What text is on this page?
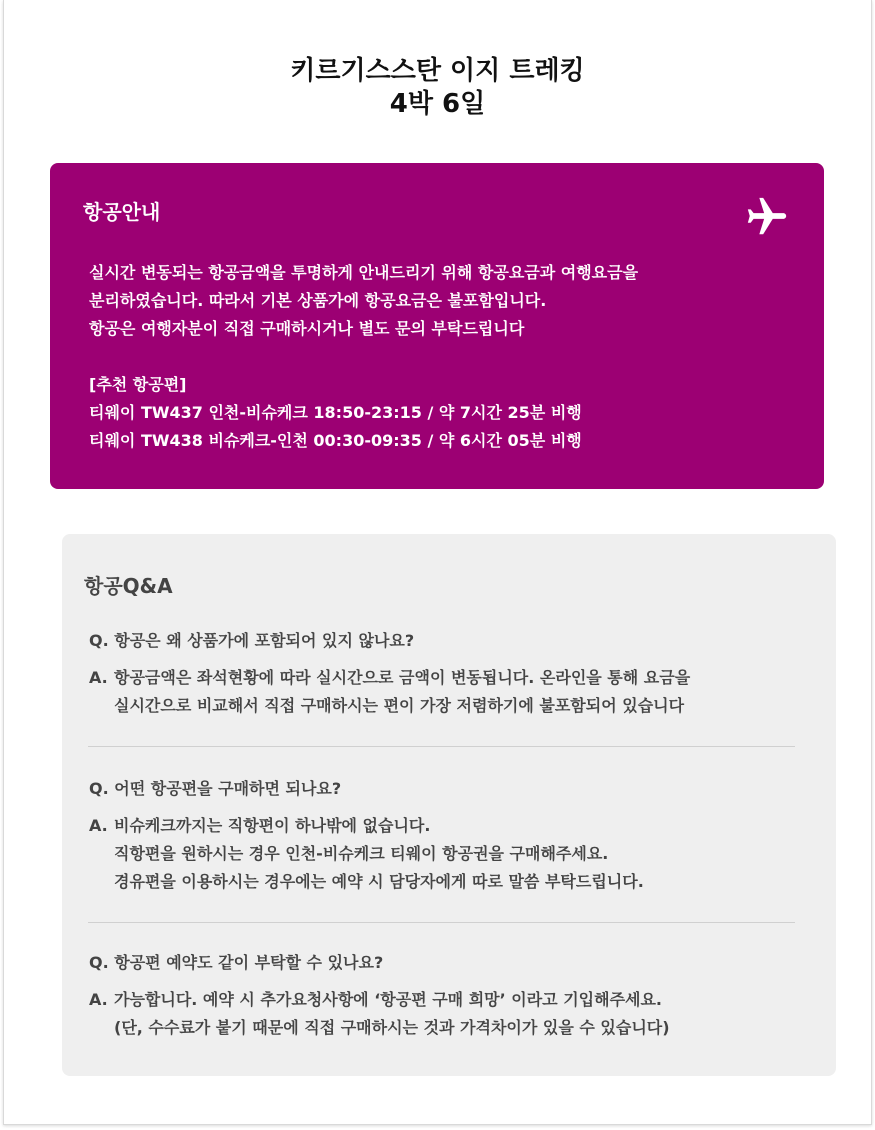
키르기스스탄 이지 트레킹
4박 6일
항공안내

실시간 변동되는 항공금액을 투명하게 안내드리기 위해 항공요금과 여행요금을

분리하였습니다. 따라서 기본 상품가에 항공요금은 불포함입니다.

항공은 여행자분이 직접 구매하시거나 별도 문의 부탁드립니다

[추천 항공편]

티웨이 TW437 인천-비슈케크 18:50-23:15 / 약 7시간 25분 비행

티웨이 TW438 비슈케크-인천 00:30-09:35 / 약 6시간 05분 비행

항공Q&A
Q. 항공은 왜 상품가에 포함되어 있지 않나요?
A. 항공금액은 좌석현황에 따라 실시간으로 금액이 변동됩니다. 온라인을 통해 요금을

실시간으로 비교해서 직접 구매하시는 편이 가장 저렴하기에 불포함되어 있습니다

Q. 어떤 항공편을 구매하면 되나요?
A. 비슈케크까지는 직항편이 하나밖에 없습니다.

직항편을 원하시는 경우 인천-비슈케크 티웨이 항공권을 구매해주세요.

경유편을 이용하시는 경우에는 예약 시 담당자에게 따로 말씀 부탁드립니다.

Q. 항공편 예약도 같이 부탁할 수 있나요?
A. 가능합니다. 예약 시 추가요청사항에 ‘항공편 구매 희망’ 이라고 기입해주세요.

(단, 수수료가 붙기 때문에 직접 구매하시는 것과 가격차이가 있을 수 있습니다)
